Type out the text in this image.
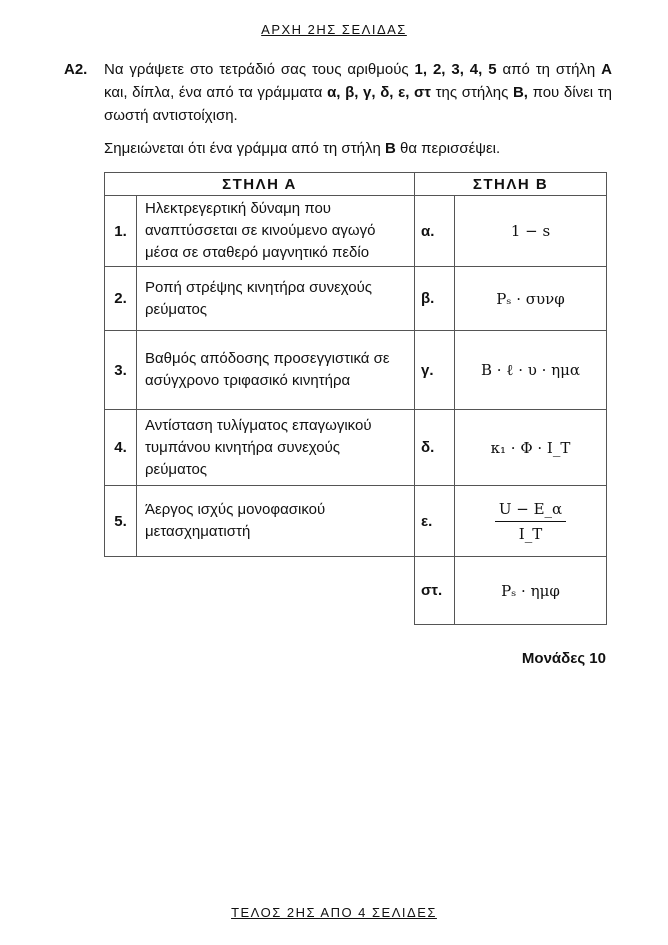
ΑΡΧΗ 2ΗΣ ΣΕΛΙΔΑΣ
Α2. Να γράψετε στο τετράδιό σας τους αριθμούς 1, 2, 3, 4, 5 από τη στήλη Α και, δίπλα, ένα από τα γράμματα α, β, γ, δ, ε, στ της στήλης Β, που δίνει τη σωστή αντιστοίχιση.
Σημειώνεται ότι ένα γράμμα από τη στήλη Β θα περισσέψει.
ΣΤΗΛΗ Α		ΣΤΗΛΗ Β	
1.	Ηλεκτρεγερτική δύναμη που αναπτύσσεται σε κινούμενο αγωγό μέσα σε σταθερό μαγνητικό πεδίο	α.	1 − s
2.	Ροπή στρέψης κινητήρα συνεχούς ρεύματος	β.	Pₛ · συνφ
3.	Βαθμός απόδοσης προσεγγιστικά σε ασύγχρονο τριφασικό κινητήρα	γ.	B · ℓ · υ · ημα
4.	Αντίσταση τυλίγματος επαγωγικού τυμπάνου κινητήρα συνεχούς ρεύματος	δ.	κ₁ · Φ · I_T
5.	Άεργος ισχύς μονοφασικού μετασχηματιστή	ε.	$\frac{U - E\_\alpha}{I\_T}$

		στ.	Pₛ · ημφ
Μονάδες 10
ΤΕΛΟΣ 2ΗΣ ΑΠΟ 4 ΣΕΛΙΔΕΣ
